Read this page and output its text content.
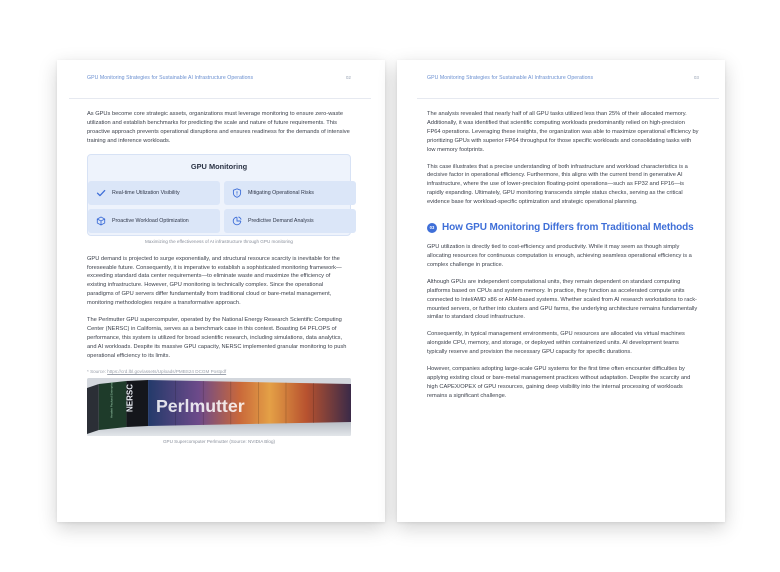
GPU Monitoring Strategies for Sustainable AI Infrastructure Operations	02

As GPUs become core strategic assets, organizations must leverage monitoring to ensure zero-waste utilization and establish benchmarks for predicting the scale and nature of future requirements. This proactive approach prevents operational disruptions and ensures readiness for the demands of intensive training and inference workloads.

GPU Monitoring
Real-time Utilization Visibility	Mitigating Operational Risks
Proactive Workload Optimization	Predictive Demand Analysis
Maximizing the effectiveness of AI infrastructure through GPU monitoring

GPU demand is projected to surge exponentially, and structural resource scarcity is inevitable for the foreseeable future. Consequently, it is imperative to establish a sophisticated monitoring framework—exceeding standard data center requirements—to eliminate waste and maximize the efficiency of existing infrastructure. However, GPU monitoring is technically complex. Since the operational paradigms of GPU servers differ fundamentally from traditional cloud or bare-metal management, monitoring methodologies require a transformative approach.

The Perlmutter GPU supercomputer, operated by the National Energy Research Scientific Computing Center (NERSC) in California, serves as a benchmark case in this context. Boasting 64 PFLOPS of performance, this system is utilized for broad scientific research, including simulations, data analytics, and AI workloads. Despite its massive GPU capacity, NERSC implemented granular monitoring to push operational efficiency to its limits.

* Source: https://crd.lbl.gov/assets/Uploads/PMBS24 DCGM Postpdf
NERSC Perlmutter
Hewlett Packard Enterprise
GPU Supercomputer Perlmutter (Source: NVIDIA Blog)
GPU Monitoring Strategies for Sustainable AI Infrastructure Operations	03

The analysis revealed that nearly half of all GPU tasks utilized less than 25% of their allocated memory. Additionally, it was identified that scientific computing workloads predominantly relied on high-precision FP64 operations. Leveraging these insights, the organization was able to maximize operational efficiency by prioritizing GPUs with superior FP64 throughput for those specific workloads and consolidating tasks with low memory footprints.

This case illustrates that a precise understanding of both infrastructure and workload characteristics is a decisive factor in operational efficiency. Furthermore, this aligns with the current trend in generative AI infrastructure, where the use of lower-precision floating-point operations—such as FP32 and FP16—is rapidly expanding. Ultimately, GPU monitoring transcends simple status checks, serving as the critical evidence base for workload-specific optimization and strategic operational planning.

03 How GPU Monitoring Differs from Traditional Methods

GPU utilization is directly tied to cost-efficiency and productivity. While it may seem as though simply allocating resources for continuous computation is enough, achieving seamless operational efficiency is a complex challenge in practice.

Although GPUs are independent computational units, they remain dependent on standard computing platforms based on CPUs and system memory. In practice, they function as accelerated compute units connected to Intel/AMD x86 or ARM-based systems. Whether scaled from AI research workstations to rack-mounted servers, or further into clusters and GPU farms, the underlying architecture remains fundamentally similar to standard cloud infrastructure.

Consequently, in typical management environments, GPU resources are allocated via virtual machines alongside CPU, memory, and storage, or deployed within containerized units. AI development teams typically reserve and provision the necessary GPU capacity for specific durations.

However, companies adopting large-scale GPU systems for the first time often encounter difficulties by applying existing cloud or bare-metal management practices without adaptation. Despite the scarcity and high CAPEX/OPEX of GPU resources, gaining deep visibility into the internal processing of workloads remains a significant challenge.
